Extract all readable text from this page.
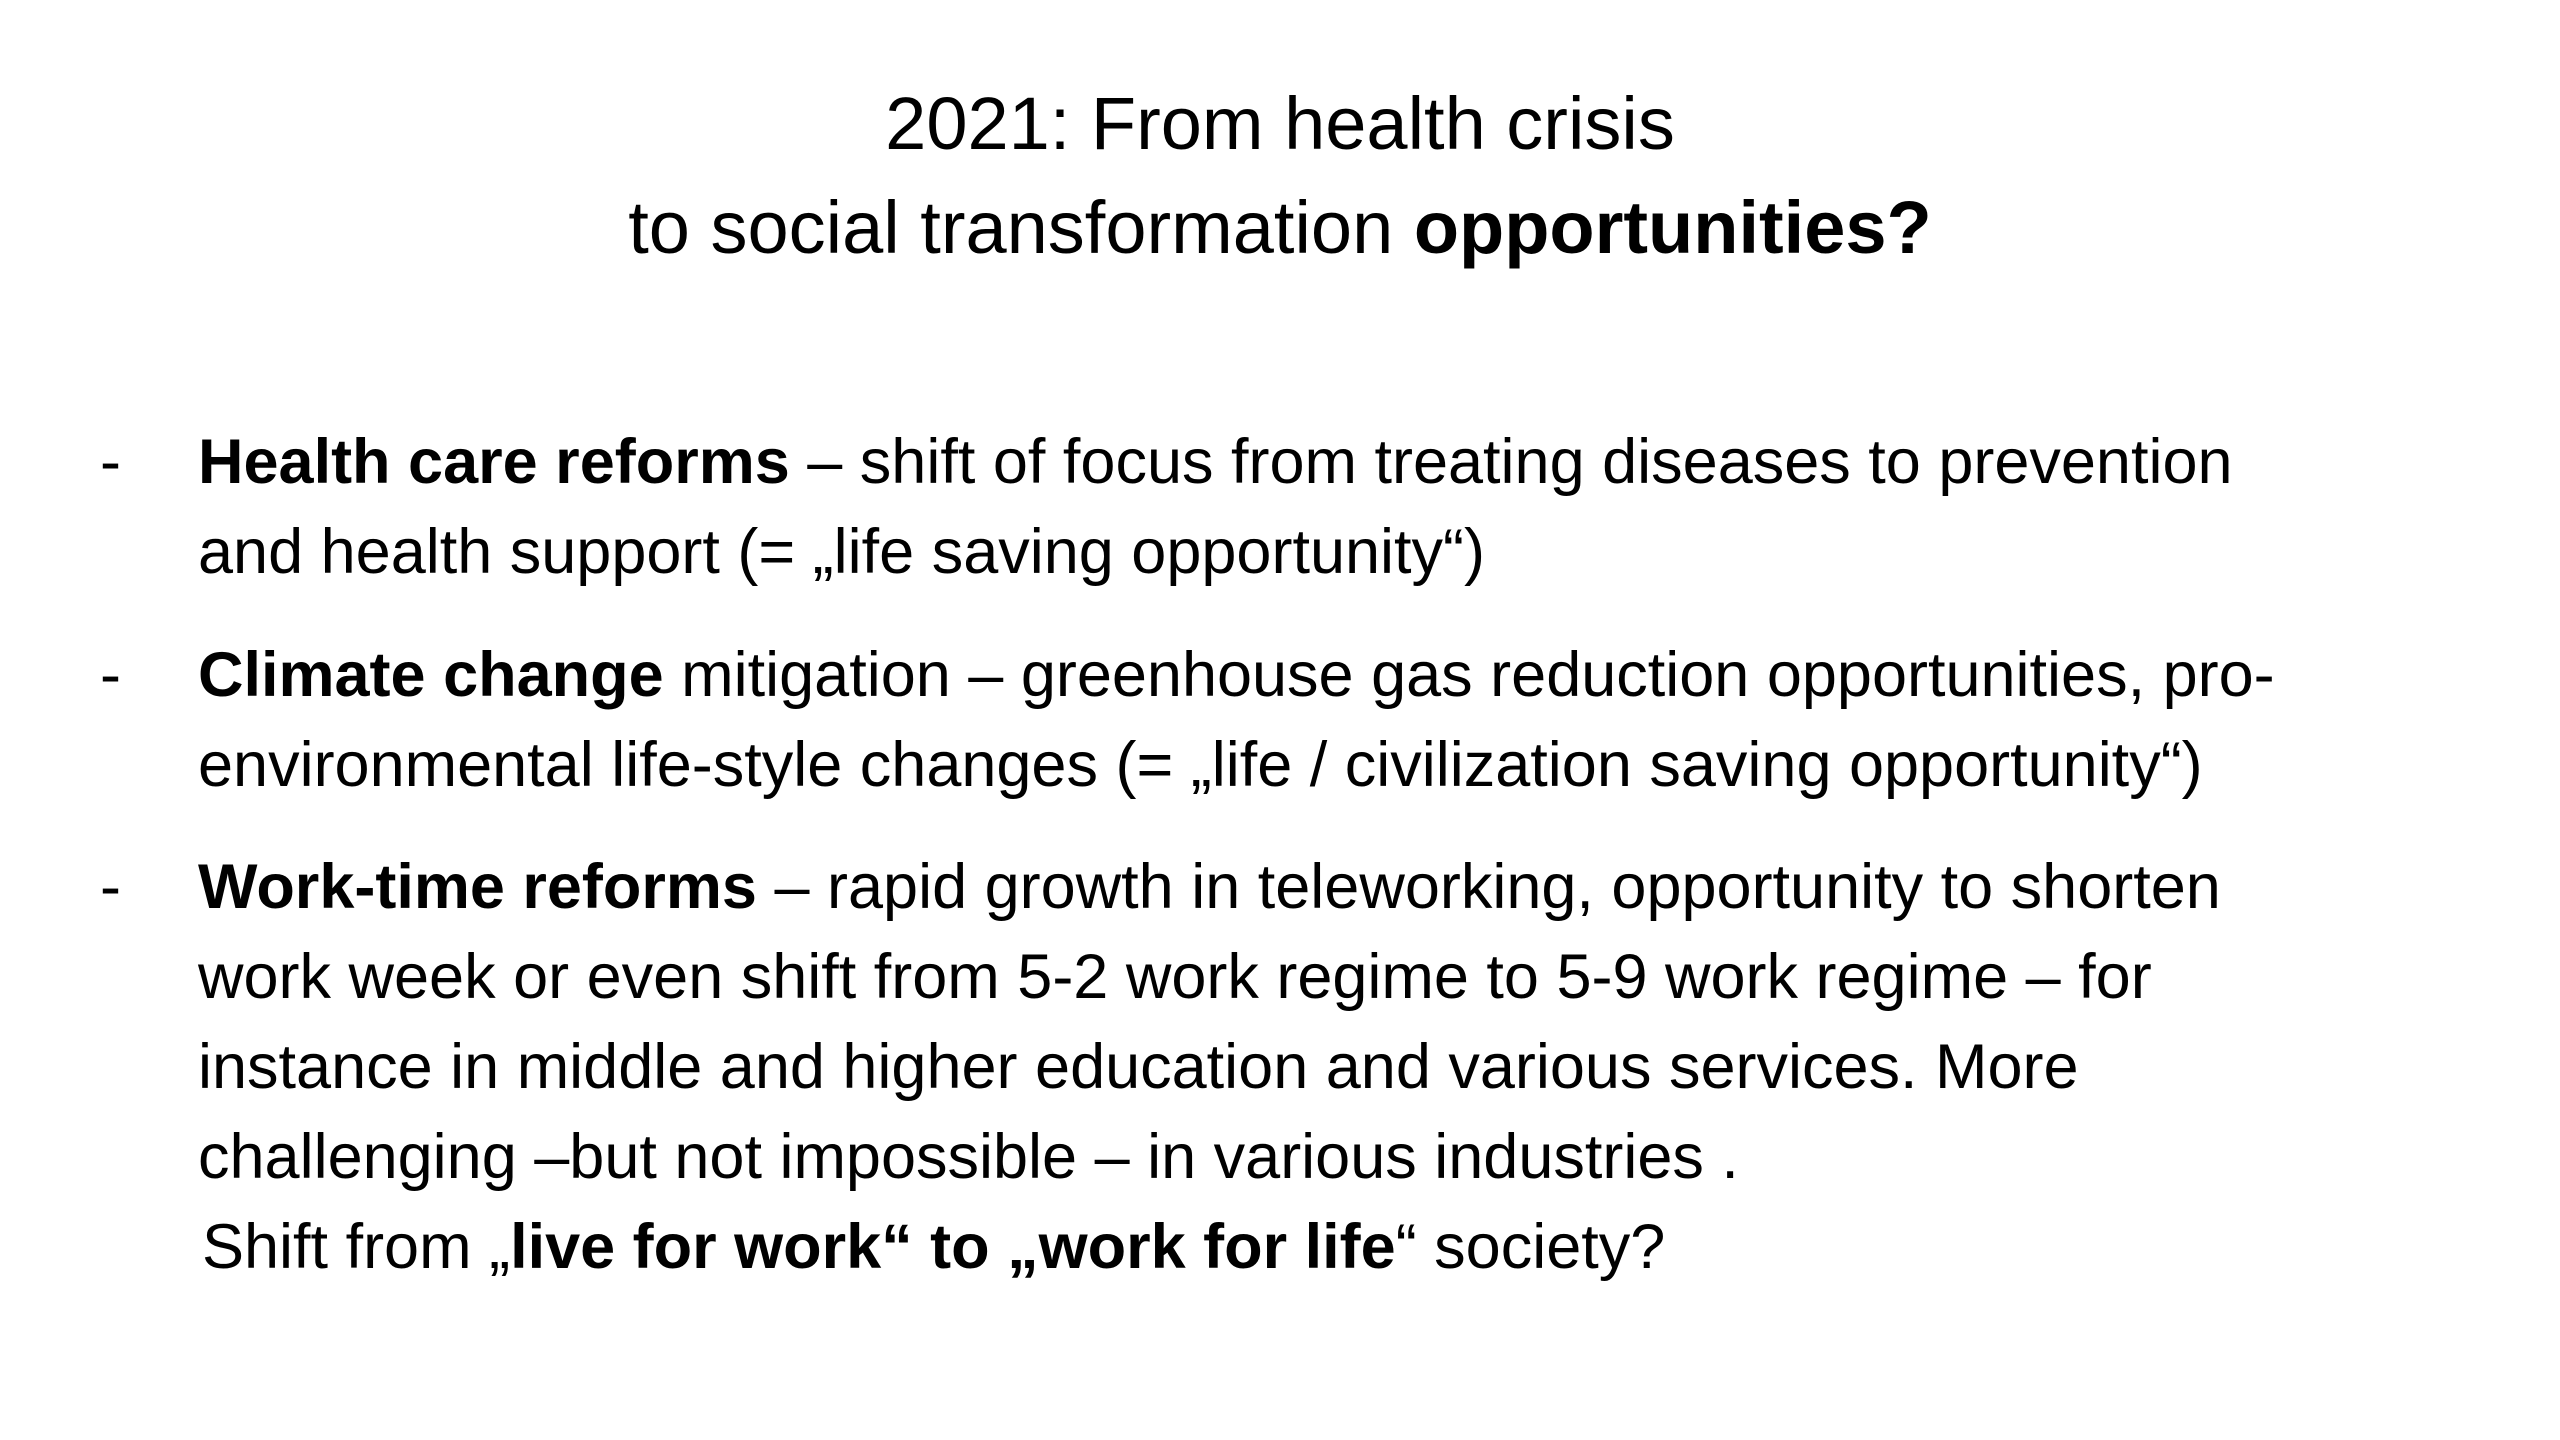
2021: From health crisis
to social transformation opportunities?
- Health care reforms – shift of focus from treating diseases to prevention
and health support (= „life saving opportunity“)
- Climate change mitigation – greenhouse gas reduction opportunities, pro-
environmental life-style changes (= „life / civilization saving opportunity“)
- Work-time reforms – rapid growth in teleworking, opportunity to shorten
work week or even shift from 5-2 work regime to 5-9 work regime – for
instance in middle and higher education and various services. More
challenging –but not impossible – in various industries .
Shift from „live for work“ to „work for life“ society?
